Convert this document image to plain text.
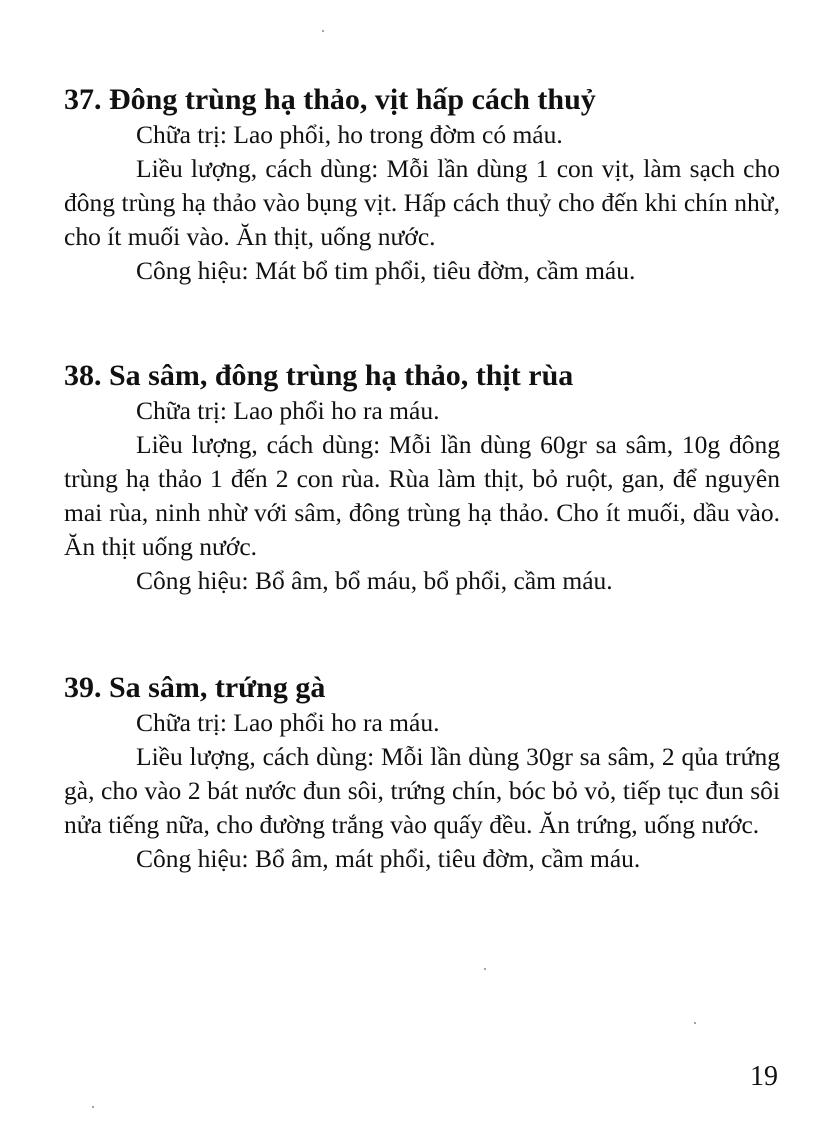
37. Đông trùng hạ thảo, vịt hấp cách thuỷ

Chữa trị: Lao phổi, ho trong đờm có máu.

Liều lượng, cách dùng: Mỗi lần dùng 1 con vịt, làm sạch cho đông trùng hạ thảo vào bụng vịt. Hấp cách thuỷ cho đến khi chín nhừ, cho ít muối vào. Ăn thịt, uống nước.

Công hiệu: Mát bổ tim phổi, tiêu đờm, cầm máu.

38. Sa sâm, đông trùng hạ thảo, thịt rùa

Chữa trị: Lao phổi ho ra máu.

Liều lượng, cách dùng: Mỗi lần dùng 60gr sa sâm, 10g đông trùng hạ thảo 1 đến 2 con rùa. Rùa làm thịt, bỏ ruột, gan, để nguyên mai rùa, ninh nhừ với sâm, đông trùng hạ thảo. Cho ít muối, dầu vào. Ăn thịt uống nước.

Công hiệu: Bổ âm, bổ máu, bổ phổi, cầm máu.

39. Sa sâm, trứng gà

Chữa trị: Lao phổi ho ra máu.

Liều lượng, cách dùng: Mỗi lần dùng 30gr sa sâm, 2 qủa trứng gà, cho vào 2 bát nước đun sôi, trứng chín, bóc bỏ vỏ, tiếp tục đun sôi nửa tiếng nữa, cho đường trắng vào quấy đều. Ăn trứng, uống nước.

Công hiệu: Bổ âm, mát phổi, tiêu đờm, cầm máu.

19
